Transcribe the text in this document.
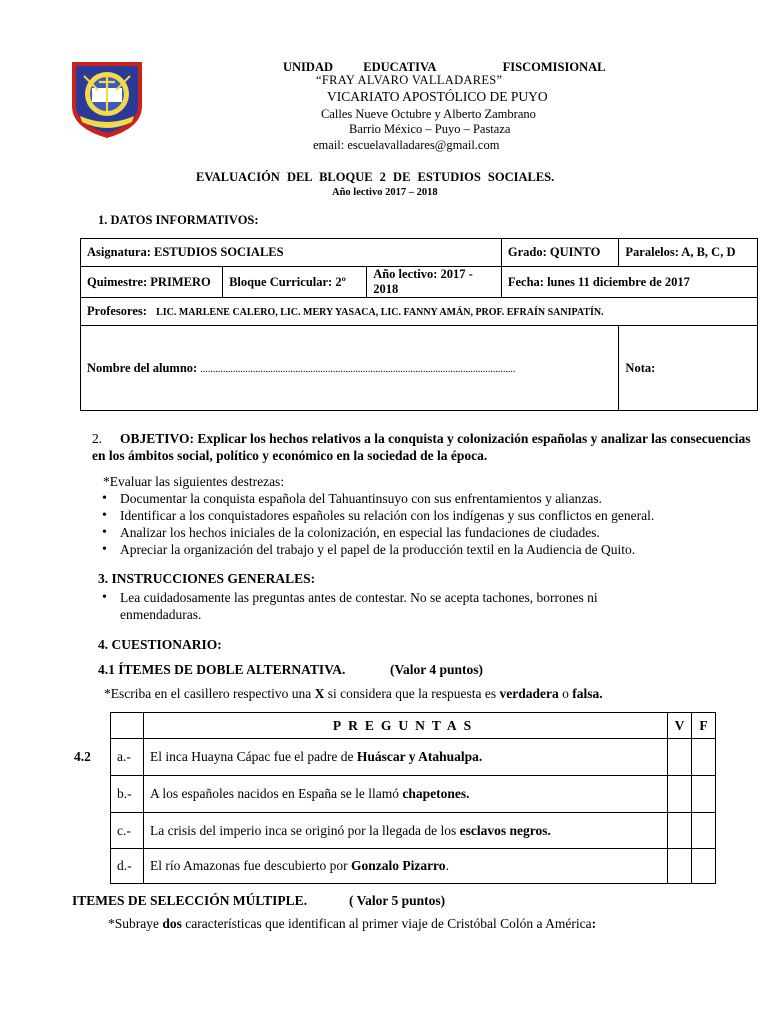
UNIDAD EDUCATIVA	FISCOMISIONAL
“FRAY ALVARO VALLADARES”
VICARIATO APOSTÓLICO DE PUYO
Calles Nueve Octubre y Alberto Zambrano
Barrio México – Puyo – Pastaza
email: escuelavalladares@gmail.com
EVALUACIÓN DEL BLOQUE 2 DE ESTUDIOS SOCIALES.
Año lectivo 2017 – 2018
1. DATOS INFORMATIVOS:
Asignatura: ESTUDIOS SOCIALES			Grado: QUINTO	Paralelos: A, B, C, D
Quimestre: PRIMERO	Bloque Curricular: 2º	Año lectivo: 2017 - 2018	Fecha: lunes 11 diciembre de 2017	
Profesores: LIC. MARLENE CALERO, LIC. MERY YASACA, LIC. FANNY AMÁN, PROF. EFRAÍN SANIPATÍN.				
Nombre del alumno: ..............................................................................................................................				Nota:
2. OBJETIVO: Explicar los hechos relativos a la conquista y colonización españolas y analizar las consecuencias en los ámbitos social, político y económico en la sociedad de la época.
*Evaluar las siguientes destrezas:
• Documentar la conquista española del Tahuantinsuyo con sus enfrentamientos y alianzas.
• Identificar a los conquistadores españoles su relación con los indígenas y sus conflictos en general.
• Analizar los hechos iniciales de la colonización, en especial las fundaciones de ciudades.
• Apreciar la organización del trabajo y el papel de la producción textil en la Audiencia de Quito.
3. INSTRUCCIONES GENERALES:
• Lea cuidadosamente las preguntas antes de contestar. No se acepta tachones, borrones ni enmendaduras.
4. CUESTIONARIO:
4.1 ÍTEMES DE DOBLE ALTERNATIVA.	(Valor 4 puntos)
*Escriba en el casillero respectivo una X si considera que la respuesta es verdadera o falsa.
4.2
	PREGUNTAS	V	F
a.-	El inca Huayna Cápac fue el padre de Huáscar y Atahualpa.		
b.-	A los españoles nacidos en España se le llamó chapetones.		
c.-	La crisis del imperio inca se originó por la llegada de los esclavos negros.		
d.-	El río Amazonas fue descubierto por Gonzalo Pizarro.		
ITEMES DE SELECCIÓN MÚLTIPLE.	( Valor 5 puntos)
*Subraye dos características que identifican al primer viaje de Cristóbal Colón a América:
